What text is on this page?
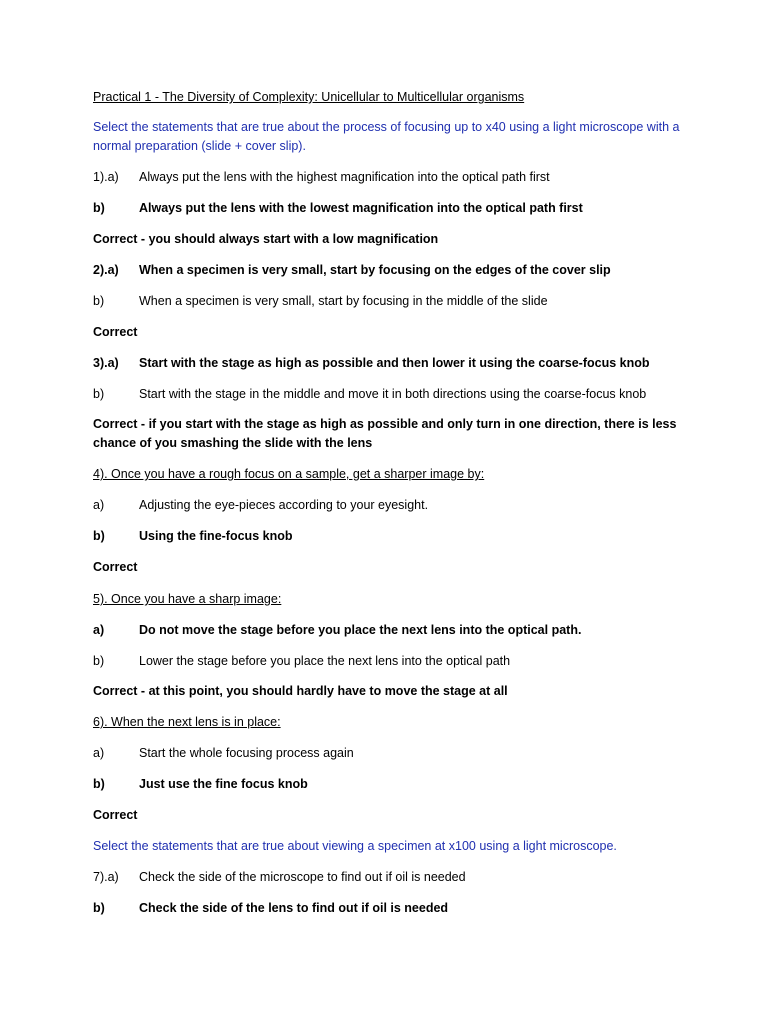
Practical 1 - The Diversity of Complexity: Unicellular to Multicellular organisms

Select the statements that are true about the process of focusing up to x40 using a light microscope with a normal preparation (slide + cover slip).

1).a)	Always put the lens with the highest magnification into the optical path first
b)	Always put the lens with the lowest magnification into the optical path first

Correct - you should always start with a low magnification

2).a)	When a specimen is very small, start by focusing on the edges of the cover slip
b)	When a specimen is very small, start by focusing in the middle of the slide

Correct

3).a)	Start with the stage as high as possible and then lower it using the coarse-focus knob
b)	Start with the stage in the middle and move it in both directions using the coarse-focus knob

Correct - if you start with the stage as high as possible and only turn in one direction, there is less chance of you smashing the slide with the lens

4). Once you have a rough focus on a sample, get a sharper image by:

a)	Adjusting the eye-pieces according to your eyesight.
b)	Using the fine-focus knob

Correct

5). Once you have a sharp image:

a)	Do not move the stage before you place the next lens into the optical path.
b)	Lower the stage before you place the next lens into the optical path

Correct - at this point, you should hardly have to move the stage at all

6). When the next lens is in place:

a)	Start the whole focusing process again
b)	Just use the fine focus knob

Correct

Select the statements that are true about viewing a specimen at x100 using a light microscope.

7).a)	Check the side of the microscope to find out if oil is needed
b)	Check the side of the lens to find out if oil is needed
